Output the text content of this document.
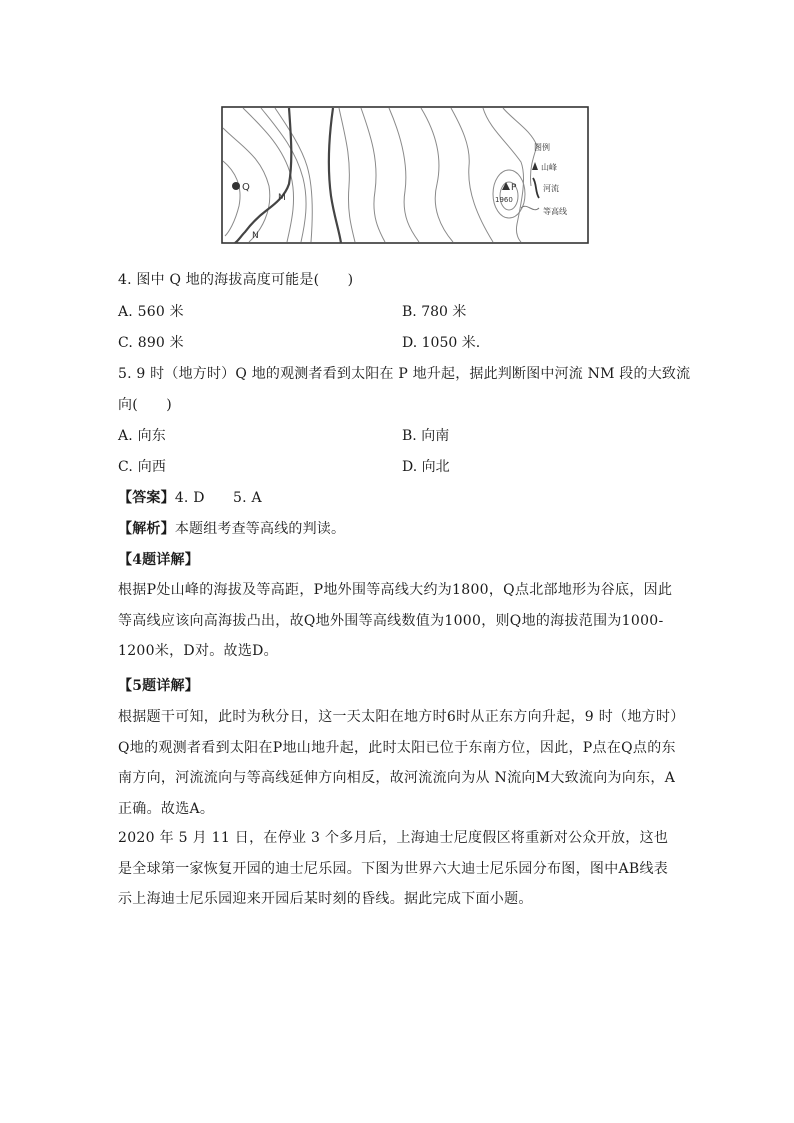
Q
M
N
P
1960
图例
山峰
河流
等高线
4. 图中 Q 地的海拔高度可能是(　　)
A. 560 米	B. 780 米
C. 890 米	D. 1050 米.
5. 9 时（地方时）Q 地的观测者看到太阳在 P 地升起，据此判断图中河流 NM 段的大致流
向(　　)
A. 向东	B. 向南
C. 向西	D. 向北
【答案】4. D　　5. A
【解析】本题组考查等高线的判读。
【4题详解】
根据P处山峰的海拔及等高距，P地外围等高线大约为1800，Q点北部地形为谷底，因此等高线应该向高海拔凸出，故Q地外围等高线数值为1000，则Q地的海拔范围为1000-1200米，D对。故选D。
【5题详解】
根据题干可知，此时为秋分日，这一天太阳在地方时6时从正东方向升起，9 时（地方时）Q地的观测者看到太阳在P地山地升起，此时太阳已位于东南方位，因此，P点在Q点的东南方向，河流流向与等高线延伸方向相反，故河流流向为从 N流向M大致流向为向东，A正确。故选A。
2020 年 5 月 11 日，在停业 3 个多月后，上海迪士尼度假区将重新对公众开放，这也是全球第一家恢复开园的迪士尼乐园。下图为世界六大迪士尼乐园分布图，图中AB线表示上海迪士尼乐园迎来开园后某时刻的昏线。据此完成下面小题。
